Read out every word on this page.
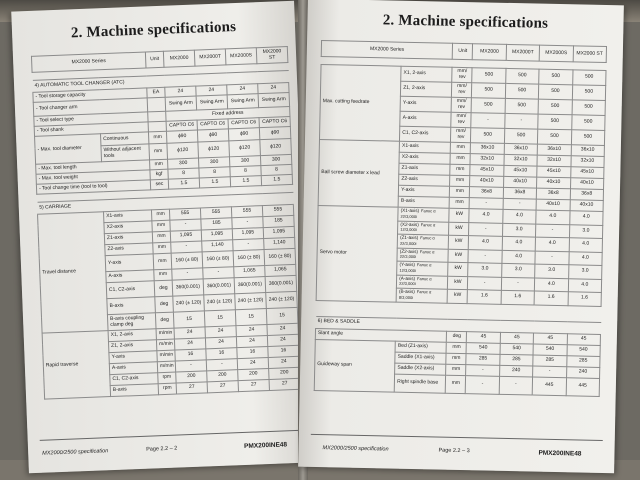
2. Machine specifications
MX2000 Series		Unit	MX2000	MX2000T	MX2000S	MX2000 ST

4) AUTOMATIC TOOL CHANGER (ATC)						
- Tool storage capacity		EA	24	24	24	24
- Tool changer arm			Swing Arm	Swing Arm	Swing Arm	Swing Arm
- Tool select type			Fixed address			
- Tool shank			CAPTO C6	CAPTO C6	CAPTO C6	CAPTO C6
- Max. tool diameter	Continuous	mm	ϕ90	ϕ90	ϕ90	ϕ90
	Without adjacent tools	mm	ϕ120	ϕ120	ϕ120	ϕ120
- Max. tool length		mm	300	300	300	300
- Max. tool weight		kgf	8	8	8	8
- Tool change time (tool to tool)		sec	1.5	1.5	1.5	1.5

5) CARRIAGE						
Travel distance	X1-axis	mm	555	555	555	555
	X2-axis	mm	-	185	-	185
	Z1-axis	mm	1,095	1,095	1,095	1,095
	Z2-axis	mm	-	1,140	-	1,140
	Y-axis	mm	160 (± 80)	160 (± 80)	160 (± 80)	160 (± 80)
	A-axis	mm	-	-	1,065	1,065
	C1, C2-axis	deg	360(0.001)	360(0.001)	360(0.001)	360(0.001)
	B-axis	deg	240 (± 120)	240 (± 120)	240 (± 120)	240 (± 120)
	B-axis coupling clamp deg	deg	15	15	15	15
Rapid traverse	X1, 2-axis	m/min	24	24	24	24
	Z1, 2-axis	m/min	24	24	24	24
	Y-axis	m/min	16	16	16	16
	A-axis	m/min	-	-	24	24
	C1, C2-axis	rpm	200	200	200	200
	B-axis	rpm	27	27	27	27
MX2000/2500 specification	Page 2.2 – 2	PMX200INE48
2. Machine specifications
MX2000 Series		Unit	MX2000	MX2000T	MX2000S	MX2000 ST

Max. cutting feedrate	X1, 2-axis	mm/ rev	500	500	500	500
	Z1, 2-axis	mm/ rev	500	500	500	500
	Y-axis	mm/ rev	500	500	500	500
	A-axis	mm/ rev	-	-	500	500
	C1, C2-axis	mm/ rev	500	500	500	500
Ball screw diameter x lead	X1-axis	mm	36x10	36x10	36x10	36x10
	X2-axis	mm	32x10	32x10	32x10	32x10
	Z1-axis	mm	45x10	45x10	45x10	45x10
	Z2-axis	mm	40x10	40x10	40x10	40x10
	Y-axis	mm	36x8	36x8	36x8	36x8
	B-axis	mm	-	-	40x10	40x10
Servo motor	(X1-axis) Fanuc α 22/3,000i	kW	4.0	4.0	4.0	4.0
	(X2-axis) Fanuc α 12/3,000i	kW	-	3.0	-	3.0
	(Z1-axis) Fanuc α 22/3,000i	kW	4.0	4.0	4.0	4.0
	(Z2-axis) Fanuc α 22/3,000i	kW	-	4.0	-	4.0
	(Y-axis) Fanuc α 12/3,000i	kW	3.0	3.0	3.0	3.0
	(A-axis) Fanuc α 22/3,000i	kW	-	-	4.0	4.0
	(B-axis) Fanuc α 8/3,000i	kW	1.6	1.6	1.6	1.6

6) BED & SADDLE						
Slant angle		deg	45	45	45	45
Guideway span	Bed (Z1-axis)	mm	540	540	540	540
	Saddle (X1-axis)	mm	285	285	285	285
	Saddle (X2-axis)	mm	-	240	-	240
	Right spindle base	mm	-	-	445	445
MX2000/2500 specification	Page 2.2 – 3	PMX200INE48
